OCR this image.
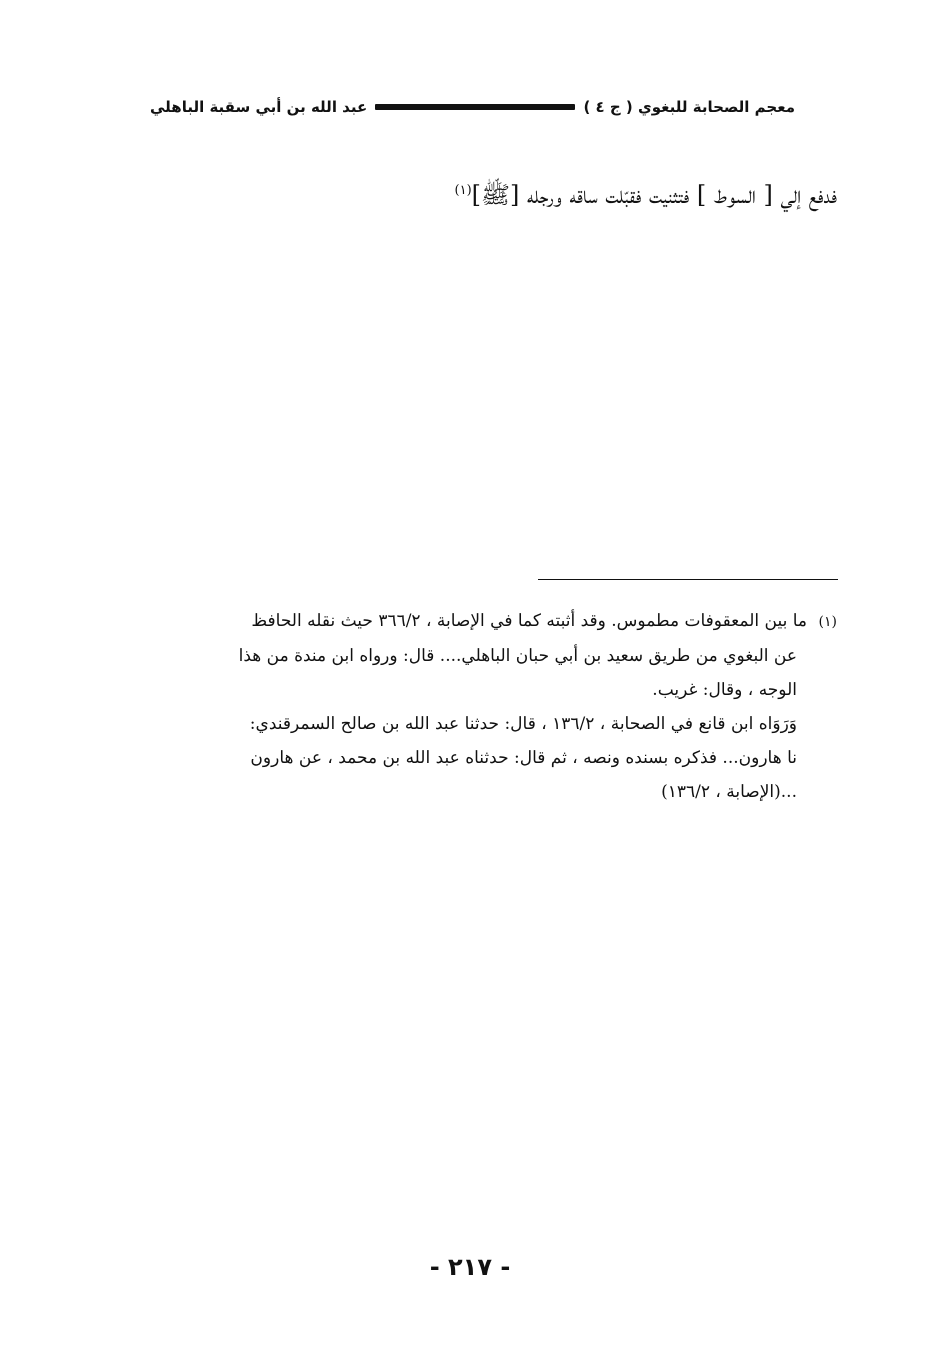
معجم الصحابة للبغوي ( ج ٤ )
عبد الله بن أبي سقبة الباهلي
فدفع إلي [ السوط ] فتثنيت فقبّلت ساقه ورجله [ﷺ]$^{(١)}$
(١)ما بين المعقوفات مطموس. وقد أثبته كما في الإصابة ، ٣٦٦/٢ حيث نقله الحافظ
عن البغوي من طريق سعيد بن أبي حبان الباهلي.... قال: ورواه ابن مندة من هذا
الوجه ، وقال: غريب.
وَرَوَاه ابن قانع في الصحابة ، ١٣٦/٢ ، قال: حدثنا عبد الله بن صالح السمرقندي:
نا هارون... فذكره بسنده ونصه ، ثم قال: حدثناه عبد الله بن محمد ، عن هارون
...(الإصابة ، ١٣٦/٢)
- ٢١٧ -
